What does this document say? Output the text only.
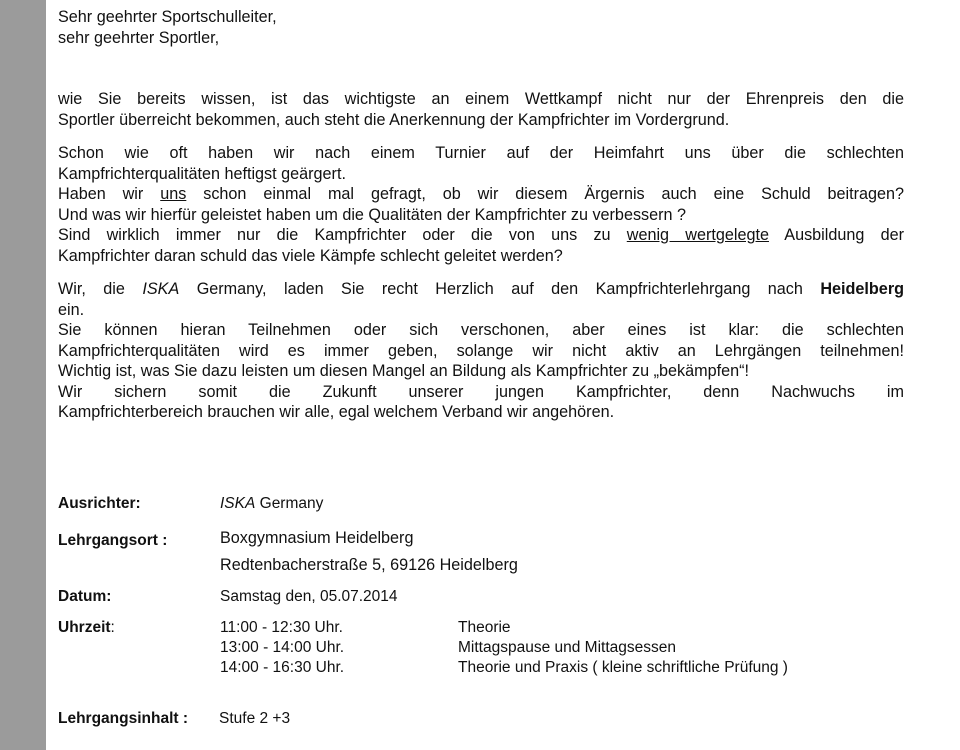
Sehr geehrter Sportschulleiter,
sehr geehrter Sportler,

wie Sie bereits wissen, ist das wichtigste an einem Wettkampf nicht nur der Ehrenpreis den die
Sportler überreicht bekommen, auch steht die Anerkennung der Kampfrichter im Vordergrund.

Schon wie oft haben wir nach einem Turnier auf der Heimfahrt uns über die schlechten
Kampfrichterqualitäten heftigst geärgert.
Haben wir uns schon einmal mal gefragt, ob wir diesem Ärgernis auch eine Schuld beitragen?
Und was wir hierfür geleistet haben um die Qualitäten der Kampfrichter zu verbessern ?
Sind wirklich immer nur die Kampfrichter oder die von uns zu wenig wertgelegte Ausbildung der
Kampfrichter daran schuld das viele Kämpfe schlecht geleitet werden?

Wir, die ISKA Germany, laden Sie recht Herzlich auf den Kampfrichterlehrgang nach Heidelberg
ein.
Sie können hieran Teilnehmen oder sich verschonen, aber eines ist klar: die schlechten
Kampfrichterqualitäten wird es immer geben, solange wir nicht aktiv an Lehrgängen teilnehmen!
Wichtig ist, was Sie dazu leisten um diesen Mangel an Bildung als Kampfrichter zu „bekämpfen“!
Wir sichern somit die Zukunft unserer jungen Kampfrichter, denn Nachwuchs im
Kampfrichterbereich brauchen wir alle, egal welchem Verband wir angehören.

Ausrichter:	ISKA Germany
Lehrgangsort :	Boxgymnasium Heidelberg
Redtenbacherstraße 5, 69126 Heidelberg
Datum:	Samstag den, 05.07.2014
Uhrzeit:	11:00 - 12:30 Uhr.	Theorie
13:00 - 14:00 Uhr.	Mittagspause und Mittagsessen
14:00 - 16:30 Uhr.	Theorie und Praxis ( kleine schriftliche Prüfung )
Lehrgangsinhalt : Stufe 2 +3
